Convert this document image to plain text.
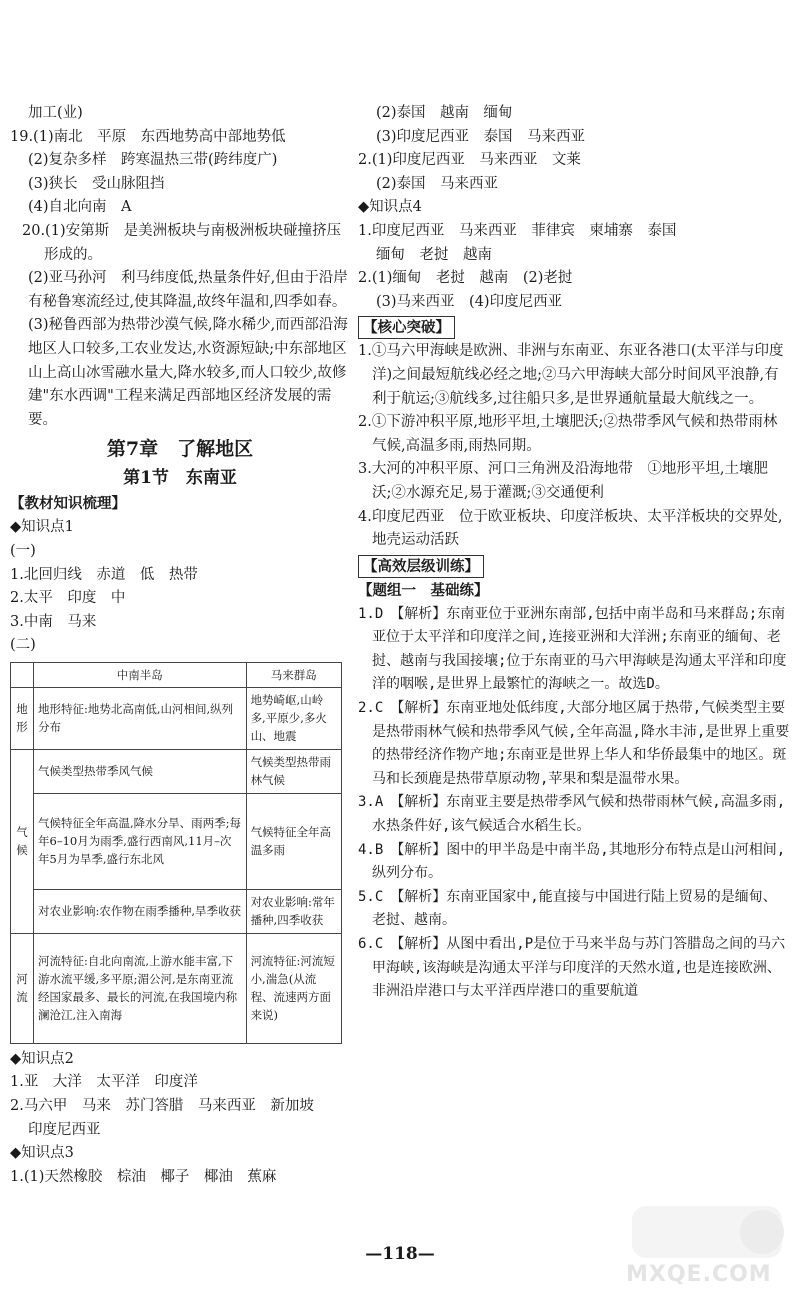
加工(业)
19.(1)南北　平原　东西地势高中部地势低
(2)复杂多样　跨寒温热三带(跨纬度广)
(3)狭长　受山脉阻挡
(4)自北向南　A
20.(1)安第斯　是美洲板块与南极洲板块碰撞挤压形成的。
(2)亚马孙河　利马纬度低,热量条件好,但由于沿岸有秘鲁寒流经过,使其降温,故终年温和,四季如春。
(3)秘鲁西部为热带沙漠气候,降水稀少,而西部沿海地区人口较多,工农业发达,水资源短缺;中东部地区山上高山冰雪融水量大,降水较多,而人口较少,故修建"东水西调"工程来满足西部地区经济发展的需要。
第7章　了解地区
第1节　东南亚
【教材知识梳理】
◆知识点1
(一)
1.北回归线　赤道　低　热带
2.太平　印度　中
3.中南　马来
(二)
	中南半岛	马来群岛
地形	地形特征:地势北高南低,山河相间,纵列分布	地势崎岖,山岭多,平原少,多火山、地震
气候	气候类型热带季风气候	气候类型热带雨林气候
	气候特征全年高温,降水分旱、雨两季;每年6–10月为雨季,盛行西南风,11月–次年5月为旱季,盛行东北风	气候特征全年高温多雨
	对农业影响:农作物在雨季播种,旱季收获	对农业影响:常年播种,四季收获
河流	河流特征:自北向南流,上游水能丰富,下游水流平缓,多平原;湄公河,是东南亚流经国家最多、最长的河流,在我国境内称澜沧江,注入南海	河流特征:河流短小,湍急(从流程、流速两方面来说)
◆知识点2
1.亚　大洋　太平洋　印度洋
2.马六甲　马来　苏门答腊　马来西亚　新加坡
印度尼西亚
◆知识点3
1.(1)天然橡胶　棕油　椰子　椰油　蕉麻
(2)泰国　越南　缅甸
(3)印度尼西亚　泰国　马来西亚
2.(1)印度尼西亚　马来西亚　文莱
(2)泰国　马来西亚
◆知识点4
1.印度尼西亚　马来西亚　菲律宾　柬埔寨　泰国
缅甸　老挝　越南
2.(1)缅甸　老挝　越南　(2)老挝
(3)马来西亚　(4)印度尼西亚
【核心突破】
1.①马六甲海峡是欧洲、非洲与东南亚、东亚各港口(太平洋与印度洋)之间最短航线必经之地;②马六甲海峡大部分时间风平浪静,有利于航运;③航线多,过往船只多,是世界通航量最大航线之一。
2.①下游冲积平原,地形平坦,土壤肥沃;②热带季风气候和热带雨林气候,高温多雨,雨热同期。
3.大河的冲积平原、河口三角洲及沿海地带　①地形平坦,土壤肥沃;②水源充足,易于灌溉;③交通便利
4.印度尼西亚　位于欧亚板块、印度洋板块、太平洋板块的交界处,地壳运动活跃
【高效层级训练】
【题组一　基础练】
1.D　【解析】东南亚位于亚洲东南部,包括中南半岛和马来群岛;东南亚位于太平洋和印度洋之间,连接亚洲和大洋洲;东南亚的缅甸、老挝、越南与我国接壤;位于东南亚的马六甲海峡是沟通太平洋和印度洋的咽喉,是世界上最繁忙的海峡之一。故选D。
2.C　【解析】东南亚地处低纬度,大部分地区属于热带,气候类型主要是热带雨林气候和热带季风气候,全年高温,降水丰沛,是世界上重要的热带经济作物产地;东南亚是世界上华人和华侨最集中的地区。斑马和长颈鹿是热带草原动物,苹果和梨是温带水果。
3.A　【解析】东南亚主要是热带季风气候和热带雨林气候,高温多雨,水热条件好,该气候适合水稻生长。
4.B　【解析】图中的甲半岛是中南半岛,其地形分布特点是山河相间,纵列分布。
5.C　【解析】东南亚国家中,能直接与中国进行陆上贸易的是缅甸、老挝、越南。
6.C　【解析】从图中看出,P是位于马来半岛与苏门答腊岛之间的马六甲海峡,该海峡是沟通太平洋与印度洋的天然水道,也是连接欧洲、非洲沿岸港口与太平洋西岸港口的重要航道
—118—
MXQE.COM
